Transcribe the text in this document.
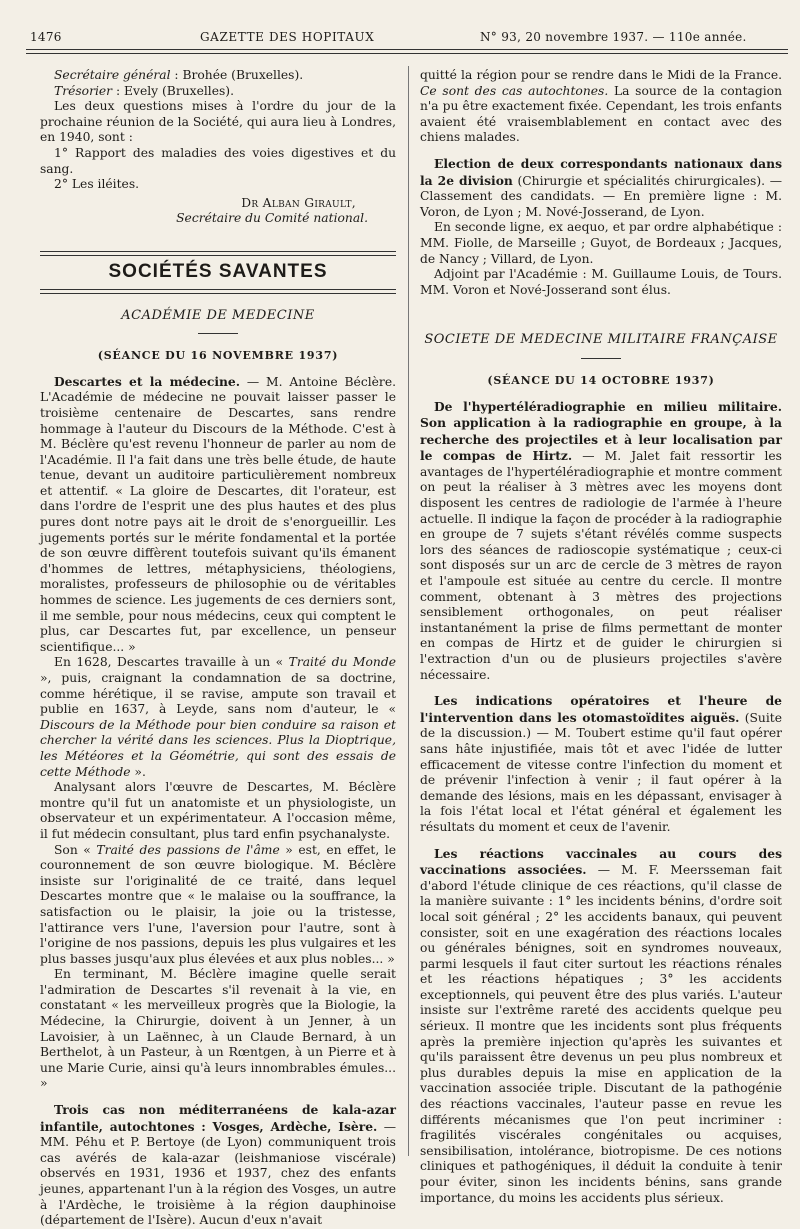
1476	GAZETTE DES HOPITAUX	N° 93, 20 novembre 1937. — 110e année.

Secrétaire général : Brohée (Bruxelles).

Trésorier : Evely (Bruxelles).

Les deux questions mises à l'ordre du jour de la prochaine réunion de la Société, qui aura lieu à Londres, en 1940, sont :

1° Rapport des maladies des voies digestives et du sang.

2° Les iléites.

Dr Alban Girault,
Secrétaire du Comité national.
SOCIÉTÉS SAVANTES
ACADÉMIE DE MEDECINE
(SÉANCE DU 16 NOVEMBRE 1937)

Descartes et la médecine. — M. Antoine Béclère. L'Académie de médecine ne pouvait laisser passer le troisième centenaire de Descartes, sans rendre hommage à l'auteur du Discours de la Méthode. C'est à M. Béclère qu'est revenu l'honneur de parler au nom de l'Académie. Il l'a fait dans une très belle étude, de haute tenue, devant un auditoire particulièrement nombreux et attentif. « La gloire de Descartes, dit l'orateur, est dans l'ordre de l'esprit une des plus hautes et des plus pures dont notre pays ait le droit de s'enorgueillir. Les jugements portés sur le mérite fondamental et la portée de son œuvre diffèrent toutefois suivant qu'ils émanent d'hommes de lettres, métaphysiciens, théologiens, moralistes, professeurs de philosophie ou de véritables hommes de science. Les jugements de ces derniers sont, il me semble, pour nous médecins, ceux qui comptent le plus, car Descartes fut, par excellence, un penseur scientifique... »

En 1628, Descartes travaille à un « Traité du Monde », puis, craignant la condamnation de sa doctrine, comme hérétique, il se ravise, ampute son travail et publie en 1637, à Leyde, sans nom d'auteur, le « Discours de la Méthode pour bien conduire sa raison et chercher la vérité dans les sciences. Plus la Dioptrique, les Météores et la Géométrie, qui sont des essais de cette Méthode ».

Analysant alors l'œuvre de Descartes, M. Béclère montre qu'il fut un anatomiste et un physiologiste, un observateur et un expérimentateur. A l'occasion même, il fut médecin consultant, plus tard enfin psychanalyste.

Son « Traité des passions de l'âme » est, en effet, le couronnement de son œuvre biologique. M. Béclère insiste sur l'originalité de ce traité, dans lequel Descartes montre que « le malaise ou la souffrance, la satisfaction ou le plaisir, la joie ou la tristesse, l'attirance vers l'une, l'aversion pour l'autre, sont à l'origine de nos passions, depuis les plus vulgaires et les plus basses jusqu'aux plus élevées et aux plus nobles... »

En terminant, M. Béclère imagine quelle serait l'admiration de Descartes s'il revenait à la vie, en constatant « les merveilleux progrès que la Biologie, la Médecine, la Chirurgie, doivent à un Jenner, à un Lavoisier, à un Laënnec, à un Claude Bernard, à un Berthelot, à un Pasteur, à un Rœntgen, à un Pierre et à une Marie Curie, ainsi qu'à leurs innombrables émules... »

Trois cas non méditerranéens de kala-azar infantile, autochtones : Vosges, Ardèche, Isère. — MM. Péhu et P. Bertoye (de Lyon) communiquent trois cas avérés de kala-azar (leishmaniose viscérale) observés en 1931, 1936 et 1937, chez des enfants jeunes, appartenant l'un à la région des Vosges, un autre à l'Ardèche, le troisième à la région dauphinoise (département de l'Isère). Aucun d'eux n'avait

quitté la région pour se rendre dans le Midi de la France. Ce sont des cas autochtones. La source de la contagion n'a pu être exactement fixée. Cependant, les trois enfants avaient été vraisemblablement en contact avec des chiens malades.

Election de deux correspondants nationaux dans la 2e division (Chirurgie et spécialités chirurgicales). — Classement des candidats. — En première ligne : M. Voron, de Lyon ; M. Nové-Josserand, de Lyon.

En seconde ligne, ex aequo, et par ordre alphabétique : MM. Fiolle, de Marseille ; Guyot, de Bordeaux ; Jacques, de Nancy ; Villard, de Lyon.

Adjoint par l'Académie : M. Guillaume Louis, de Tours. MM. Voron et Nové-Josserand sont élus.

SOCIETE DE MEDECINE MILITAIRE FRANÇAISE
(SÉANCE DU 14 OCTOBRE 1937)

De l'hypertéléradiographie en milieu militaire. Son application à la radiographie en groupe, à la recherche des projectiles et à leur localisation par le compas de Hirtz. — M. Jalet fait ressortir les avantages de l'hypertéléradiographie et montre comment on peut la réaliser à 3 mètres avec les moyens dont disposent les centres de radiologie de l'armée à l'heure actuelle. Il indique la façon de procéder à la radiographie en groupe de 7 sujets s'étant révélés comme suspects lors des séances de radioscopie systématique ; ceux-ci sont disposés sur un arc de cercle de 3 mètres de rayon et l'ampoule est située au centre du cercle. Il montre comment, obtenant à 3 mètres des projections sensiblement orthogonales, on peut réaliser instantanément la prise de films permettant de monter en compas de Hirtz et de guider le chirurgien si l'extraction d'un ou de plusieurs projectiles s'avère nécessaire.

Les indications opératoires et l'heure de l'intervention dans les otomastoïdites aiguës. (Suite de la discussion.) — M. Toubert estime qu'il faut opérer sans hâte injustifiée, mais tôt et avec l'idée de lutter efficacement de vitesse contre l'infection du moment et de prévenir l'infection à venir ; il faut opérer à la demande des lésions, mais en les dépassant, envisager à la fois l'état local et l'état général et également les résultats du moment et ceux de l'avenir.

Les réactions vaccinales au cours des vaccinations associées. — M. F. Meersseman fait d'abord l'étude clinique de ces réactions, qu'il classe de la manière suivante : 1° les incidents bénins, d'ordre soit local soit général ; 2° les accidents banaux, qui peuvent consister, soit en une exagération des réactions locales ou générales bénignes, soit en syndromes nouveaux, parmi lesquels il faut citer surtout les réactions rénales et les réactions hépatiques ; 3° les accidents exceptionnels, qui peuvent être des plus variés. L'auteur insiste sur l'extrême rareté des accidents quelque peu sérieux. Il montre que les incidents sont plus fréquents après la première injection qu'après les suivantes et qu'ils paraissent être devenus un peu plus nombreux et plus durables depuis la mise en application de la vaccination associée triple. Discutant de la pathogénie des réactions vaccinales, l'auteur passe en revue les différents mécanismes que l'on peut incriminer : fragilités viscérales congénitales ou acquises, sensibilisation, intolérance, biotropisme. De ces notions cliniques et pathogéniques, il déduit la conduite à tenir pour éviter, sinon les incidents bénins, sans grande importance, du moins les accidents plus sérieux.
